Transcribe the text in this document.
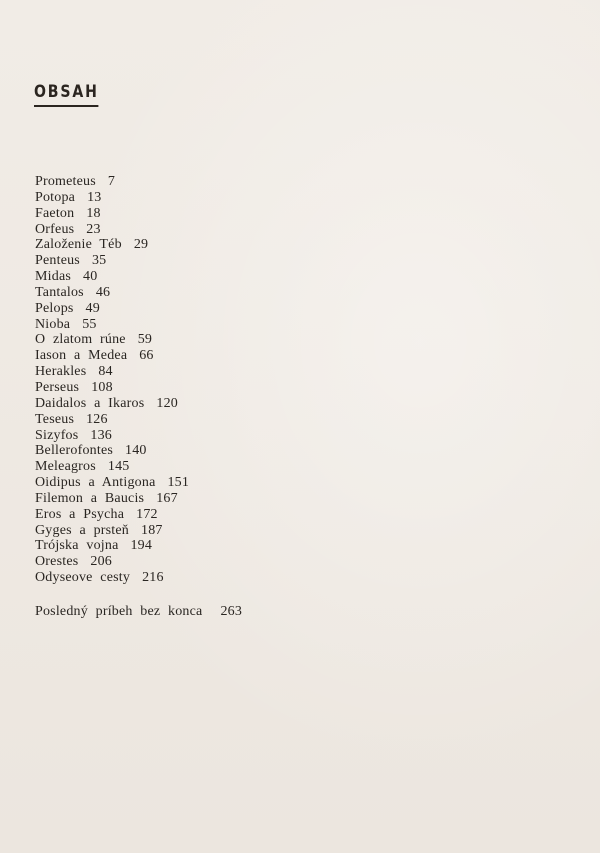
OBSAH
Prometeus 7
Potopa 13
Faeton 18
Orfeus 23
Založenie Téb 29
Penteus 35
Midas 40
Tantalos 46
Pelops 49
Nioba 55
O zlatom rúne 59
Iason a Medea 66
Herakles 84
Perseus 108
Daidalos a Ikaros 120
Teseus 126
Sizyfos 136
Bellerofontes 140
Meleagros 145
Oidipus a Antigona 151
Filemon a Baucis 167
Eros a Psycha 172
Gyges a prsteň 187
Trójska vojna 194
Orestes 206
Odyseove cesty 216
Posledný príbeh bez konca 263
